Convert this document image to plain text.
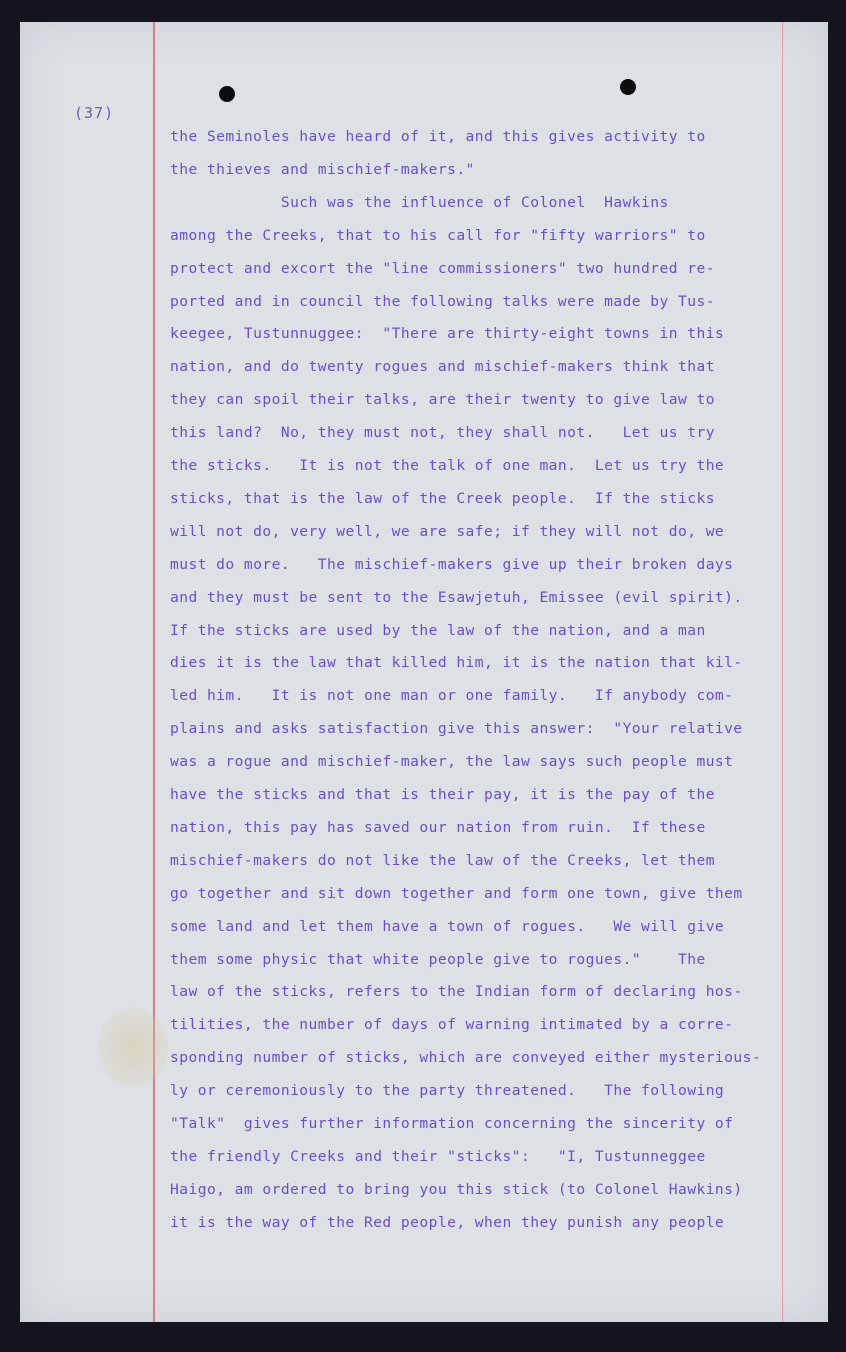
(37)
the Seminoles have heard of it, and this gives activity to
the thieves and mischief-makers."
Such was the influence of Colonel  Hawkins
among the Creeks, that to his call for "fifty warriors" to
protect and excort the "line commissioners" two hundred re-
ported and in council the following talks were made by Tus-
keegee, Tustunnuggee:  "There are thirty-eight towns in this
nation, and do twenty rogues and mischief-makers think that
they can spoil their talks, are their twenty to give law to
this land?  No, they must not, they shall not.   Let us try
the sticks.   It is not the talk of one man.  Let us try the
sticks, that is the law of the Creek people.  If the sticks
will not do, very well, we are safe; if they will not do, we
must do more.   The mischief-makers give up their broken days
and they must be sent to the Esawjetuh, Emissee (evil spirit).
If the sticks are used by the law of the nation, and a man
dies it is the law that killed him, it is the nation that kil-
led him.   It is not one man or one family.   If anybody com-
plains and asks satisfaction give this answer:  "Your relative
was a rogue and mischief-maker, the law says such people must
have the sticks and that is their pay, it is the pay of the
nation, this pay has saved our nation from ruin.  If these
mischief-makers do not like the law of the Creeks, let them
go together and sit down together and form one town, give them
some land and let them have a town of rogues.   We will give
them some physic that white people give to rogues."    The
law of the sticks, refers to the Indian form of declaring hos-
tilities, the number of days of warning intimated by a corre-
sponding number of sticks, which are conveyed either mysterious-
ly or ceremoniously to the party threatened.   The following
"Talk"  gives further information concerning the sincerity of
the friendly Creeks and their "sticks":   "I, Tustunneggee
Haigo, am ordered to bring you this stick (to Colonel Hawkins)
it is the way of the Red people, when they punish any people
